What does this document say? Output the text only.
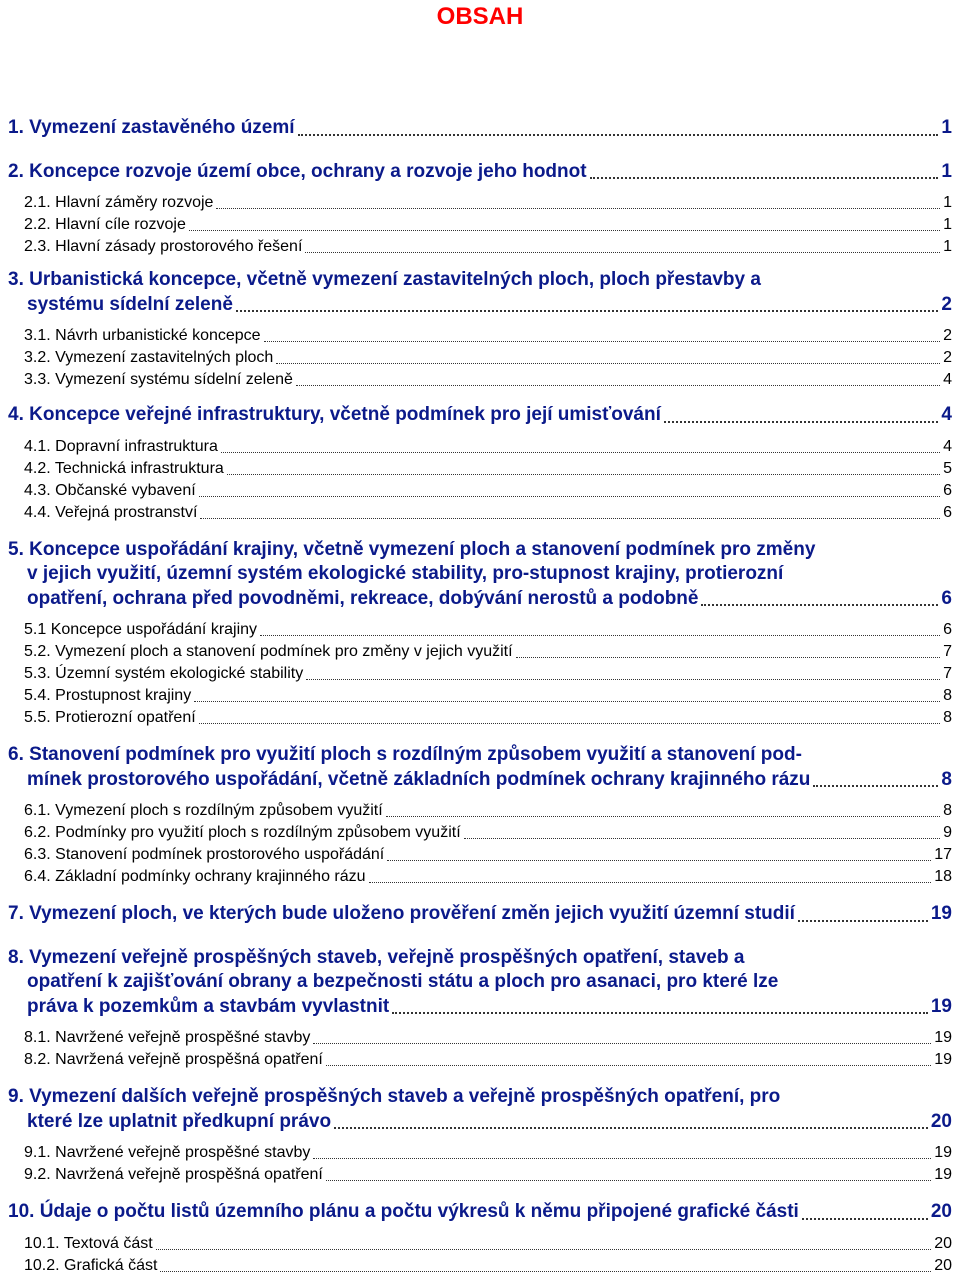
OBSAH
1. Vymezení zastavěného území	1
2. Koncepce rozvoje území obce, ochrany a rozvoje jeho hodnot	1
2.1. Hlavní záměry rozvoje	1
2.2. Hlavní cíle rozvoje	1
2.3. Hlavní zásady prostorového řešení	1
3. Urbanistická koncepce, včetně vymezení zastavitelných ploch, ploch přestavby a
systému sídelní zeleně	2
3.1. Návrh urbanistické koncepce	2
3.2. Vymezení zastavitelných ploch	2
3.3. Vymezení systému sídelní zeleně	4
4. Koncepce veřejné infrastruktury, včetně podmínek pro její umisťování	4
4.1. Dopravní infrastruktura	4
4.2. Technická infrastruktura	5
4.3. Občanské vybavení	6
4.4. Veřejná prostranství	6
5. Koncepce uspořádání krajiny, včetně vymezení ploch a stanovení podmínek pro změny
v jejich využití, územní systém ekologické stability, pro-stupnost krajiny, protierozní
opatření, ochrana před povodněmi, rekreace, dobývání nerostů a podobně	6
5.1 Koncepce uspořádání krajiny	6
5.2. Vymezení ploch a stanovení podmínek pro změny v jejich využití	7
5.3. Územní systém ekologické stability	7
5.4. Prostupnost krajiny	8
5.5. Protierozní opatření	8
6. Stanovení podmínek pro využití ploch s rozdílným způsobem využití a stanovení pod-
mínek prostorového uspořádání, včetně základních podmínek ochrany krajinného rázu	8
6.1. Vymezení ploch s rozdílným způsobem využití	8
6.2. Podmínky pro využití ploch s rozdílným způsobem využití	9
6.3. Stanovení podmínek prostorového uspořádání	17
6.4. Základní podmínky ochrany krajinného rázu	18
7. Vymezení ploch, ve kterých bude uloženo prověření změn jejich využití územní studií	19
8. Vymezení veřejně prospěšných staveb, veřejně prospěšných opatření, staveb a
opatření k zajišťování obrany a bezpečnosti státu a ploch pro asanaci, pro které lze
práva k pozemkům a stavbám vyvlastnit	19
8.1. Navržené veřejně prospěšné stavby	19
8.2. Navržená veřejně prospěšná opatření	19
9. Vymezení dalších veřejně prospěšných staveb a veřejně prospěšných opatření, pro
které lze uplatnit předkupní právo	20
9.1. Navržené veřejně prospěšné stavby	19
9.2. Navržená veřejně prospěšná opatření	19
10. Údaje o počtu listů územního plánu a počtu výkresů k němu připojené grafické části	20
10.1. Textová část	20
10.2. Grafická část	20
